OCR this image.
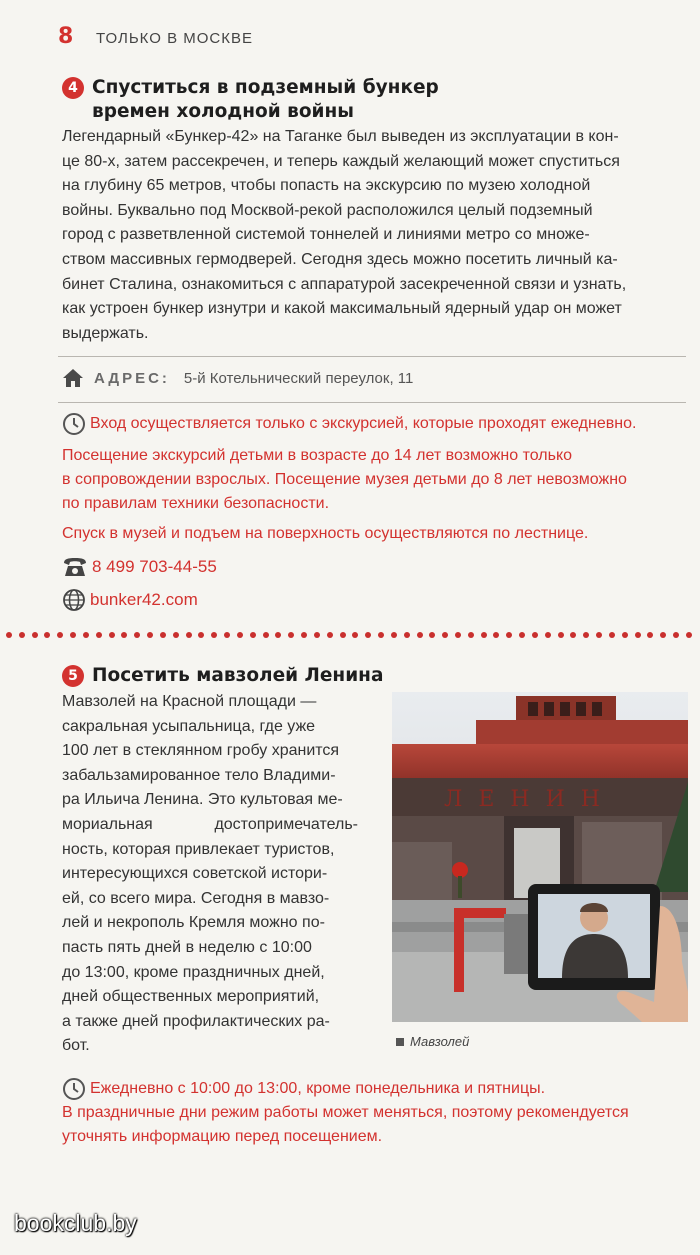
8 ТОЛЬКО В МОСКВЕ
4 Спуститься в подземный бункер
времен холодной войны
Легендарный «Бункер-42» на Таганке был выведен из эксплуатации в кон-
це 80-х, затем рассекречен, и теперь каждый желающий может спуститься
на глубину 65 метров, чтобы попасть на экскурсию по музею холодной
войны. Буквально под Москвой-рекой расположился целый подземный
город с разветвленной системой тоннелей и линиями метро со множе-
ством массивных гермодверей. Сегодня здесь можно посетить личный ка-
бинет Сталина, ознакомиться с аппаратурой засекреченной связи и узнать,
как устроен бункер изнутри и какой максимальный ядерный удар он может
выдержать.
АДРЕС: 5-й Котельнический переулок, 11
Вход осуществляется только с экскурсией, которые проходят ежедневно.
Посещение экскурсий детьми в возрасте до 14 лет возможно только
в сопровождении взрослых. Посещение музея детьми до 8 лет невозможно
по правилам техники безопасности.
Спуск в музей и подъем на поверхность осуществляются по лестнице.
8 499 703-44-55
bunker42.com
5 Посетить мавзолей Ленина
Мавзолей на Красной площади —
сакральная усыпальница, где уже
100 лет в стеклянном гробу хранится
забальзамированное тело Владими-
ра Ильича Ленина. Это культовая ме-
мориальная достопримечатель-
ность, которая привлекает туристов,
интересующихся советской истори-
ей, со всего мира. Сегодня в мавзо-
лей и некрополь Кремля можно по-
пасть пять дней в неделю с 10:00
до 13:00, кроме праздничных дней,
дней общественных мероприятий,
а также дней профилактических ра-
бот.
ЛЕНИН
Мавзолей
Ежедневно с 10:00 до 13:00, кроме понедельника и пятницы.
В праздничные дни режим работы может меняться, поэтому рекомендуется
уточнять информацию перед посещением.
bookclub.by
